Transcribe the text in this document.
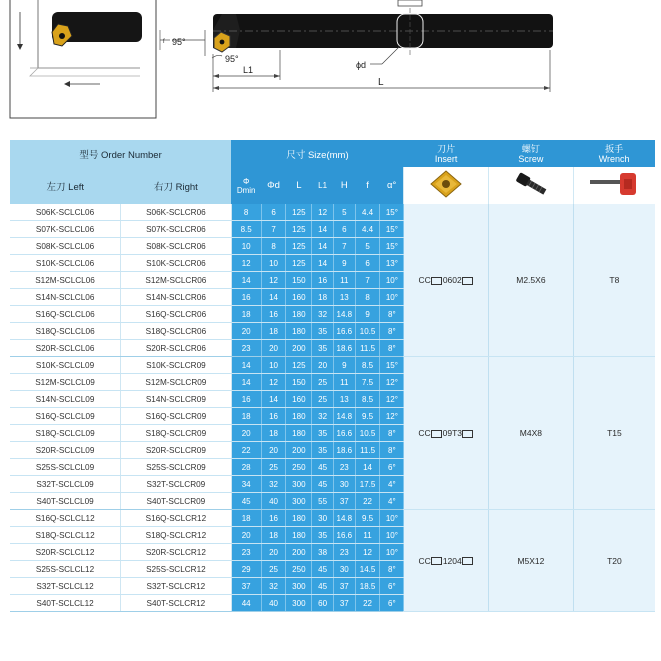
95°
95°
L1
L
ϕd
f
型号 Order Number		尺寸 Size(mm)							刀片
Insert	螺钉
Screw	扳手
Wrench
左刀 Left	右刀 Right	Φ
Dmin	Φd	L	L1	H	f	α°			
S06K-SCLCL06	S06K-SCLCR06	8	6	125	12	5	4.4	15°	CC 0602	M2.5X6	T8
S07K-SCLCL06	S07K-SCLCR06	8.5	7	125	14	6	4.4	15°			
S08K-SCLCL06	S08K-SCLCR06	10	8	125	14	7	5	15°			
S10K-SCLCL06	S10K-SCLCR06	12	10	125	14	9	6	13°			
S12M-SCLCL06	S12M-SCLCR06	14	12	150	16	11	7	10°			
S14N-SCLCL06	S14N-SCLCR06	16	14	160	18	13	8	10°			
S16Q-SCLCL06	S16Q-SCLCR06	18	16	180	32	14.8	9	8°			
S18Q-SCLCL06	S18Q-SCLCR06	20	18	180	35	16.6	10.5	8°			
S20R-SCLCL06	S20R-SCLCR06	23	20	200	35	18.6	11.5	8°			
S10K-SCLCL09	S10K-SCLCR09	14	10	125	20	9	8.5	15°	CC 09T3	M4X8	T15
S12M-SCLCL09	S12M-SCLCR09	14	12	150	25	11	7.5	12°			
S14N-SCLCL09	S14N-SCLCR09	16	14	160	25	13	8.5	12°			
S16Q-SCLCL09	S16Q-SCLCR09	18	16	180	32	14.8	9.5	12°			
S18Q-SCLCL09	S18Q-SCLCR09	20	18	180	35	16.6	10.5	8°			
S20R-SCLCL09	S20R-SCLCR09	22	20	200	35	18.6	11.5	8°			
S25S-SCLCL09	S25S-SCLCR09	28	25	250	45	23	14	6°			
S32T-SCLCL09	S32T-SCLCR09	34	32	300	45	30	17.5	4°			
S40T-SCLCL09	S40T-SCLCR09	45	40	300	55	37	22	4°			
S16Q-SCLCL12	S16Q-SCLCR12	18	16	180	30	14.8	9.5	10°	CC 1204	M5X12	T20
S18Q-SCLCL12	S18Q-SCLCR12	20	18	180	35	16.6	11	10°			
S20R-SCLCL12	S20R-SCLCR12	23	20	200	38	23	12	10°			
S25S-SCLCL12	S25S-SCLCR12	29	25	250	45	30	14.5	8°			
S32T-SCLCL12	S32T-SCLCR12	37	32	300	45	37	18.5	6°			
S40T-SCLCL12	S40T-SCLCR12	44	40	300	60	37	22	6°			
